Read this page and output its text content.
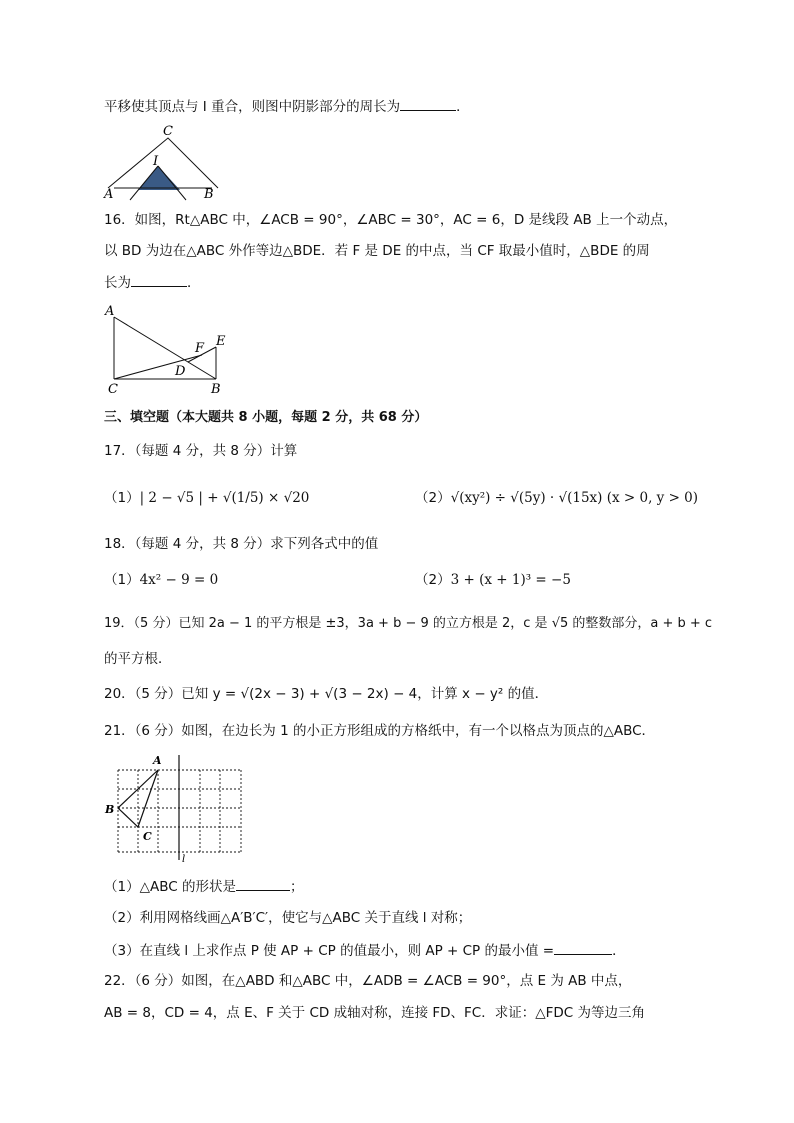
平移使其顶点与 I 重合，则图中阴影部分的周长为	．
C
I
A	B
16．如图，Rt△ABC 中，∠ACB = 90°，∠ABC = 30°，AC = 6，D 是线段 AB 上一个动点，
以 BD 为边在△ABC 外作等边△BDE．若 F 是 DE 的中点，当 CF 取最小值时，△BDE 的周
长为	．
A
E
F
D
C	B
三、填空题（本大题共 8 小题，每题 2 分，共 68 分）
17．（每题 4 分，共 8 分）计算
（1）| 2 − √5 | + √(1/5) × √20	（2）√(xy²) ÷ √(5y) · √(15x) (x > 0, y > 0)
18．（每题 4 分，共 8 分）求下列各式中的值
（1）4x² − 9 = 0	（2）3 + (x + 1)³ = −5
19．（5 分）已知 2a − 1 的平方根是 ±3，3a + b − 9 的立方根是 2，c 是 √5 的整数部分，a + b + c
的平方根．
20．（5 分）已知 y = √(2x − 3) + √(3 − 2x) − 4，计算 x − y² 的值．
21．（6 分）如图，在边长为 1 的小正方形组成的方格纸中，有一个以格点为顶点的△ABC．
A
B
C
l
（1）△ABC 的形状是	；
（2）利用网格线画△A′B′C′，使它与△ABC 关于直线 l 对称；
（3）在直线 l 上求作点 P 使 AP + CP 的值最小，则 AP + CP 的最小值 =	．
22．（6 分）如图，在△ABD 和△ABC 中，∠ADB = ∠ACB = 90°，点 E 为 AB 中点，
AB = 8，CD = 4，点 E、F 关于 CD 成轴对称，连接 FD、FC．求证：△FDC 为等边三角
